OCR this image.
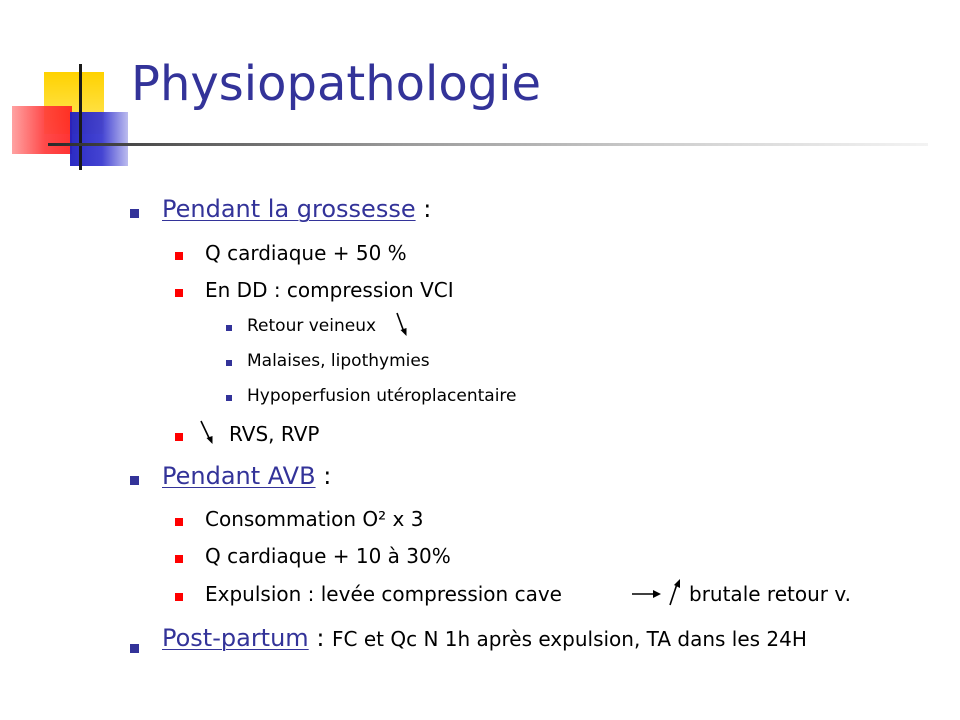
Physiopathologie
Pendant la grossesse :
Q cardiaque + 50 %
En DD : compression VCI
Retour veineux
Malaises, lipothymies
Hypoperfusion utéroplacentaire
RVS, RVP
Pendant AVB :
Consommation O² x 3
Q cardiaque + 10 à 30%
Expulsion : levée compression cave	brutale retour v.
Post-partum : FC et Qc N 1h après expulsion, TA dans les 24H
